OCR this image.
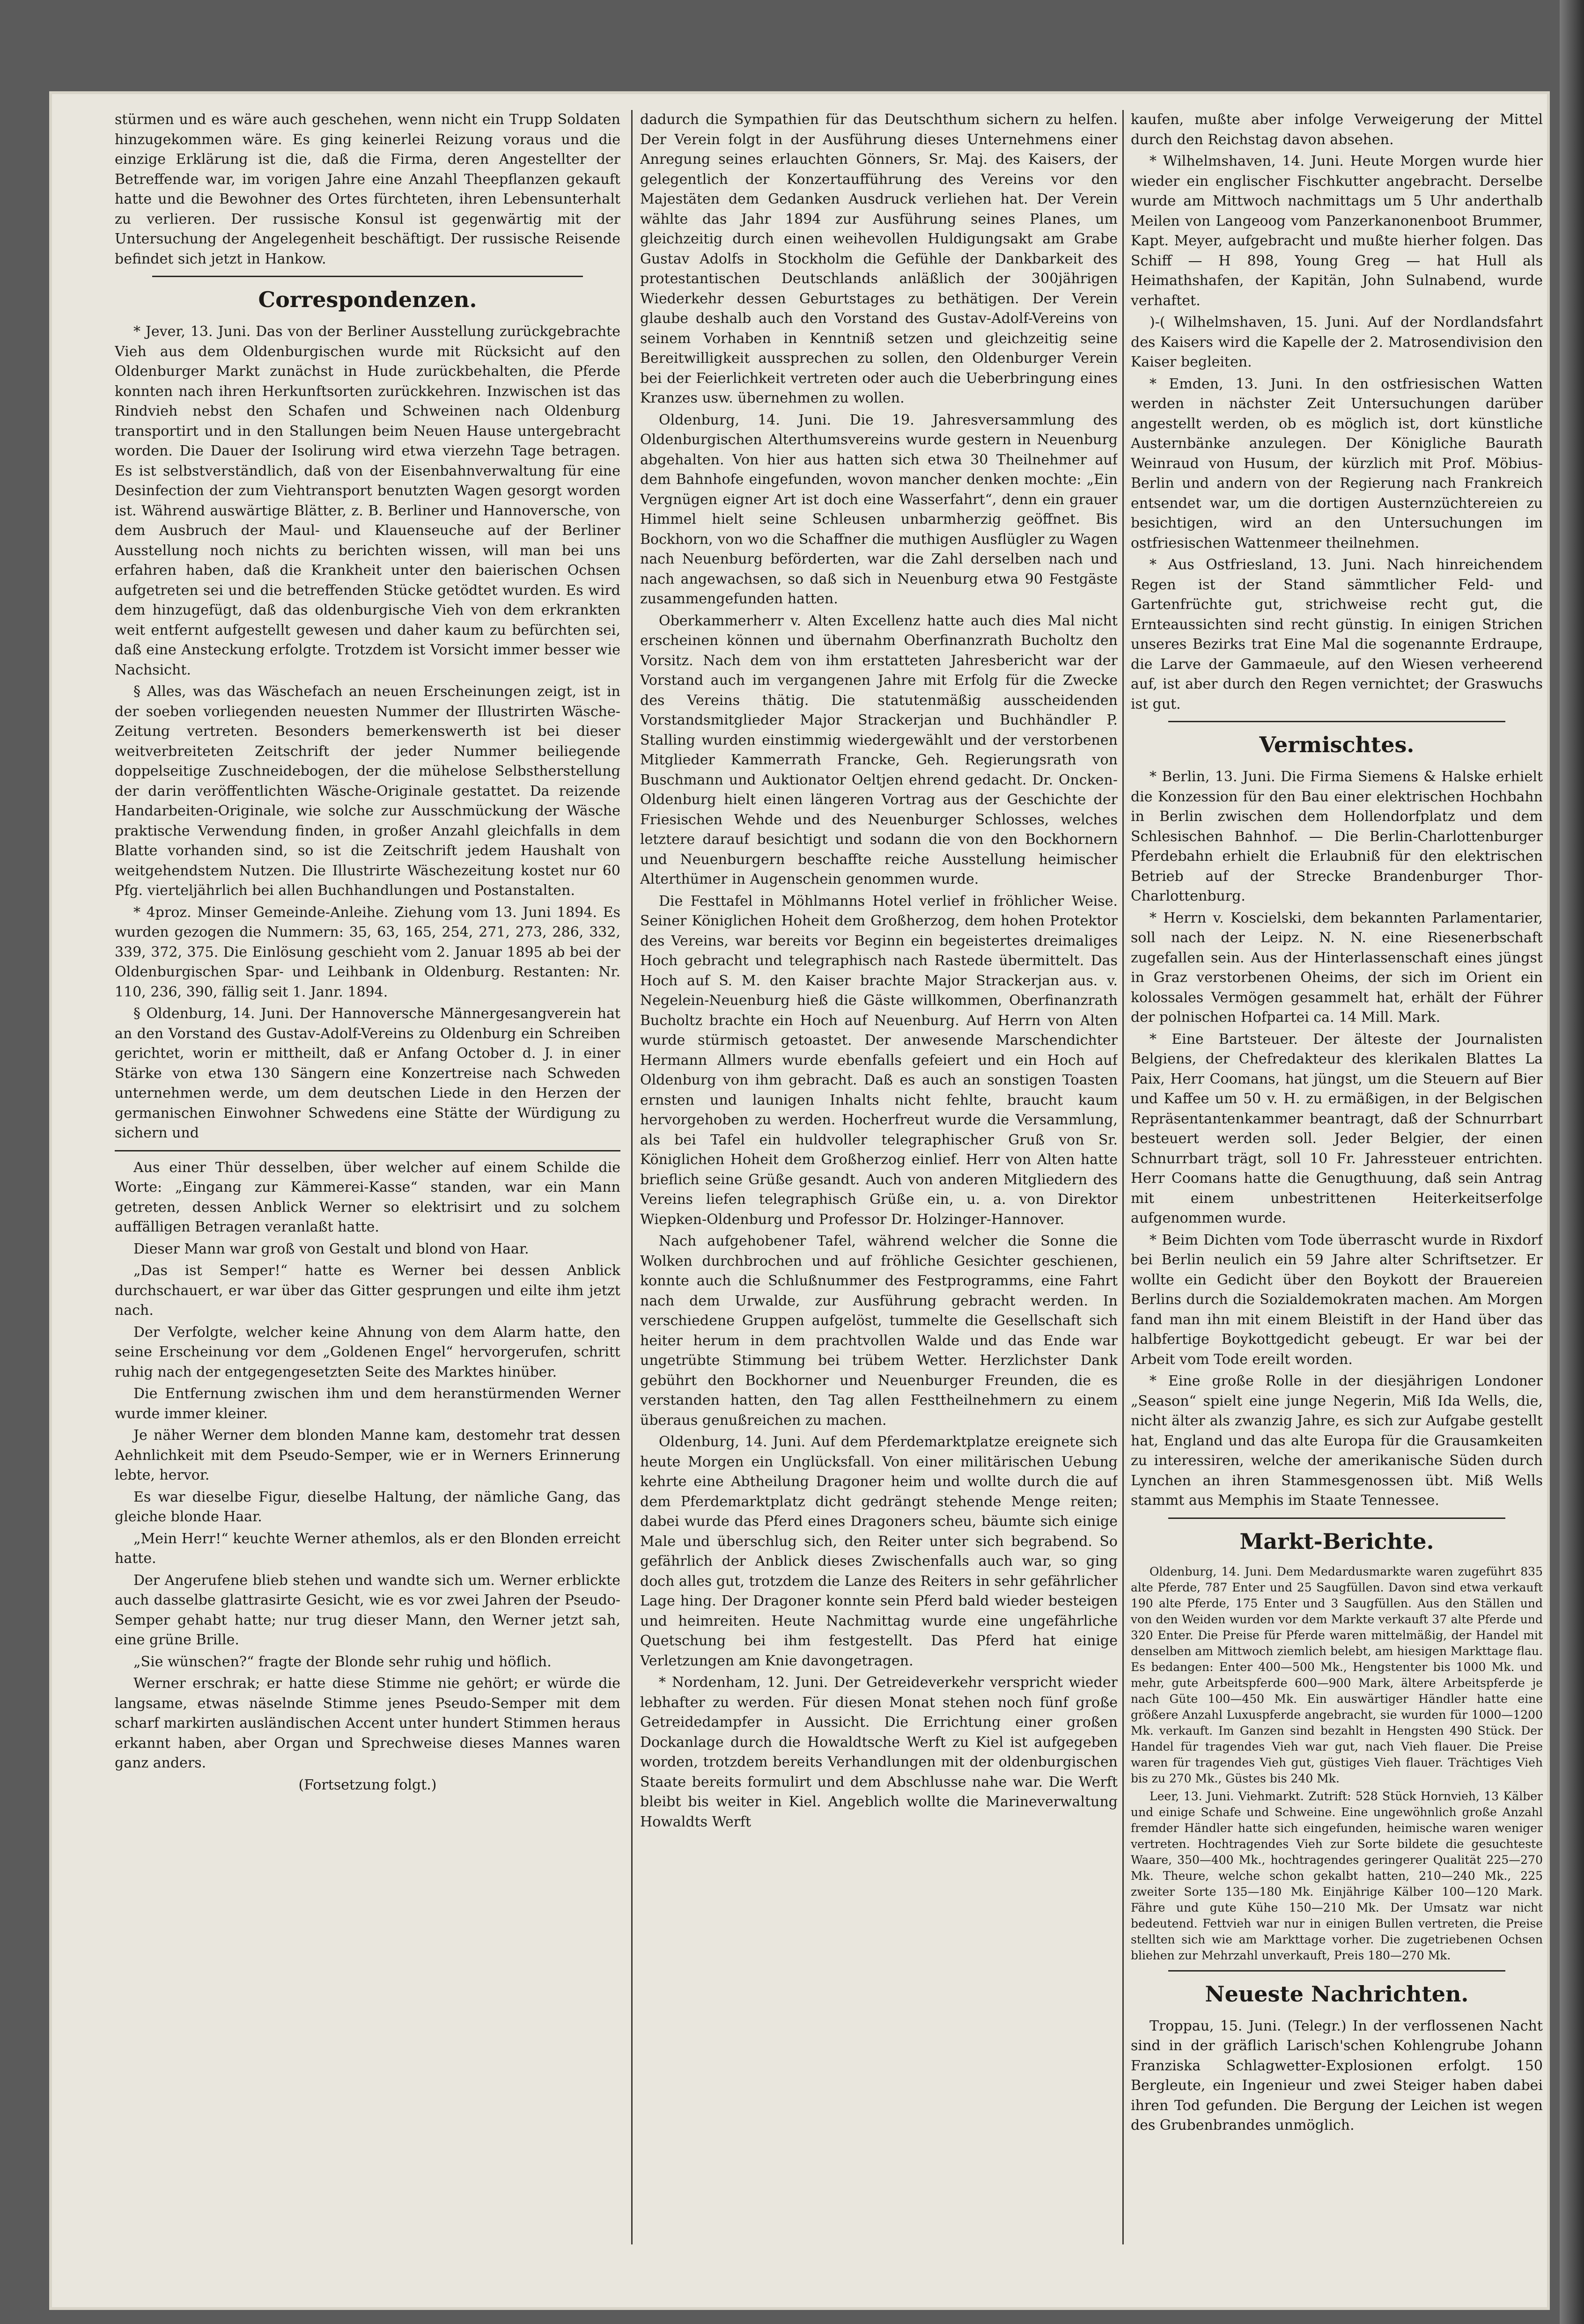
stürmen und es wäre auch geschehen, wenn nicht ein Trupp Soldaten hinzugekommen wäre. Es ging keinerlei Reizung voraus und die einzige Erklärung ist die, daß die Firma, deren Angestellter der Betreffende war, im vorigen Jahre eine Anzahl Theepflanzen gekauft hatte und die Bewohner des Ortes fürchteten, ihren Lebensunterhalt zu verlieren. Der russische Konsul ist gegenwärtig mit der Untersuchung der Angelegenheit beschäftigt. Der russische Reisende befindet sich jetzt in Hankow.

Correspondenzen.

* Jever, 13. Juni. Das von der Berliner Ausstellung zurückgebrachte Vieh aus dem Oldenburgischen wurde mit Rücksicht auf den Oldenburger Markt zunächst in Hude zurückbehalten, die Pferde konnten nach ihren Herkunftsorten zurückkehren. Inzwischen ist das Rindvieh nebst den Schafen und Schweinen nach Oldenburg transportirt und in den Stallungen beim Neuen Hause untergebracht worden. Die Dauer der Isolirung wird etwa vierzehn Tage betragen. Es ist selbstverständlich, daß von der Eisenbahnverwaltung für eine Desinfection der zum Viehtransport benutzten Wagen gesorgt worden ist. Während auswärtige Blätter, z. B. Berliner und Hannoversche, von dem Ausbruch der Maul- und Klauenseuche auf der Berliner Ausstellung noch nichts zu berichten wissen, will man bei uns erfahren haben, daß die Krankheit unter den baierischen Ochsen aufgetreten sei und die betreffenden Stücke getödtet wurden. Es wird dem hinzugefügt, daß das oldenburgische Vieh von dem erkrankten weit entfernt aufgestellt gewesen und daher kaum zu befürchten sei, daß eine Ansteckung erfolgte. Trotzdem ist Vorsicht immer besser wie Nachsicht.

§ Alles, was das Wäschefach an neuen Erscheinungen zeigt, ist in der soeben vorliegenden neuesten Nummer der Illustrirten Wäsche-Zeitung vertreten. Besonders bemerkenswerth ist bei dieser weitverbreiteten Zeitschrift der jeder Nummer beiliegende doppelseitige Zuschneidebogen, der die mühelose Selbstherstellung der darin veröffentlichten Wäsche-Originale gestattet. Da reizende Handarbeiten-Originale, wie solche zur Ausschmückung der Wäsche praktische Verwendung finden, in großer Anzahl gleichfalls in dem Blatte vorhanden sind, so ist die Zeitschrift jedem Haushalt von weitgehendstem Nutzen. Die Illustrirte Wäschezeitung kostet nur 60 Pfg. vierteljährlich bei allen Buchhandlungen und Postanstalten.

* 4proz. Minser Gemeinde-Anleihe. Ziehung vom 13. Juni 1894. Es wurden gezogen die Nummern: 35, 63, 165, 254, 271, 273, 286, 332, 339, 372, 375. Die Einlösung geschieht vom 2. Januar 1895 ab bei der Oldenburgischen Spar- und Leihbank in Oldenburg. Restanten: Nr. 110, 236, 390, fällig seit 1. Janr. 1894.

§ Oldenburg, 14. Juni. Der Hannoversche Männergesangverein hat an den Vorstand des Gustav-Adolf-Vereins zu Oldenburg ein Schreiben gerichtet, worin er mittheilt, daß er Anfang October d. J. in einer Stärke von etwa 130 Sängern eine Konzertreise nach Schweden unternehmen werde, um dem deutschen Liede in den Herzen der germanischen Einwohner Schwedens eine Stätte der Würdigung zu sichern und

Aus einer Thür desselben, über welcher auf einem Schilde die Worte: „Eingang zur Kämmerei-Kasse“ standen, war ein Mann getreten, dessen Anblick Werner so elektrisirt und zu solchem auffälligen Betragen veranlaßt hatte.

Dieser Mann war groß von Gestalt und blond von Haar.

„Das ist Semper!“ hatte es Werner bei dessen Anblick durchschauert, er war über das Gitter gesprungen und eilte ihm jetzt nach.

Der Verfolgte, welcher keine Ahnung von dem Alarm hatte, den seine Erscheinung vor dem „Goldenen Engel“ hervorgerufen, schritt ruhig nach der entgegengesetzten Seite des Marktes hinüber.

Die Entfernung zwischen ihm und dem heranstürmenden Werner wurde immer kleiner.

Je näher Werner dem blonden Manne kam, destomehr trat dessen Aehnlichkeit mit dem Pseudo-Semper, wie er in Werners Erinnerung lebte, hervor.

Es war dieselbe Figur, dieselbe Haltung, der nämliche Gang, das gleiche blonde Haar.

„Mein Herr!“ keuchte Werner athemlos, als er den Blonden erreicht hatte.

Der Angerufene blieb stehen und wandte sich um. Werner erblickte auch dasselbe glattrasirte Gesicht, wie es vor zwei Jahren der Pseudo-Semper gehabt hatte; nur trug dieser Mann, den Werner jetzt sah, eine grüne Brille.

„Sie wünschen?“ fragte der Blonde sehr ruhig und höflich.

Werner erschrak; er hatte diese Stimme nie gehört; er würde die langsame, etwas näselnde Stimme jenes Pseudo-Semper mit dem scharf markirten ausländischen Accent unter hundert Stimmen heraus erkannt haben, aber Organ und Sprechweise dieses Mannes waren ganz anders.

(Fortsetzung folgt.)

dadurch die Sympathien für das Deutschthum sichern zu helfen. Der Verein folgt in der Ausführung dieses Unternehmens einer Anregung seines erlauchten Gönners, Sr. Maj. des Kaisers, der gelegentlich der Konzertaufführung des Vereins vor den Majestäten dem Gedanken Ausdruck verliehen hat. Der Verein wählte das Jahr 1894 zur Ausführung seines Planes, um gleichzeitig durch einen weihevollen Huldigungsakt am Grabe Gustav Adolfs in Stockholm die Gefühle der Dankbarkeit des protestantischen Deutschlands anläßlich der 300jährigen Wiederkehr dessen Geburtstages zu bethätigen. Der Verein glaube deshalb auch den Vorstand des Gustav-Adolf-Vereins von seinem Vorhaben in Kenntniß setzen und gleichzeitig seine Bereitwilligkeit aussprechen zu sollen, den Oldenburger Verein bei der Feierlichkeit vertreten oder auch die Ueberbringung eines Kranzes usw. übernehmen zu wollen.

Oldenburg, 14. Juni. Die 19. Jahresversammlung des Oldenburgischen Alterthumsvereins wurde gestern in Neuenburg abgehalten. Von hier aus hatten sich etwa 30 Theilnehmer auf dem Bahnhofe eingefunden, wovon mancher denken mochte: „Ein Vergnügen eigner Art ist doch eine Wasserfahrt“, denn ein grauer Himmel hielt seine Schleusen unbarmherzig geöffnet. Bis Bockhorn, von wo die Schaffner die muthigen Ausflügler zu Wagen nach Neuenburg beförderten, war die Zahl derselben nach und nach angewachsen, so daß sich in Neuenburg etwa 90 Festgäste zusammengefunden hatten.

Oberkammerherr v. Alten Excellenz hatte auch dies Mal nicht erscheinen können und übernahm Oberfinanzrath Bucholtz den Vorsitz. Nach dem von ihm erstatteten Jahresbericht war der Vorstand auch im vergangenen Jahre mit Erfolg für die Zwecke des Vereins thätig. Die statutenmäßig ausscheidenden Vorstandsmitglieder Major Strackerjan und Buchhändler P. Stalling wurden einstimmig wiedergewählt und der verstorbenen Mitglieder Kammerrath Francke, Geh. Regierungsrath von Buschmann und Auktionator Oeltjen ehrend gedacht. Dr. Oncken-Oldenburg hielt einen längeren Vortrag aus der Geschichte der Friesischen Wehde und des Neuenburger Schlosses, welches letztere darauf besichtigt und sodann die von den Bockhornern und Neuenburgern beschaffte reiche Ausstellung heimischer Alterthümer in Augenschein genommen wurde.

Die Festtafel in Möhlmanns Hotel verlief in fröhlicher Weise. Seiner Königlichen Hoheit dem Großherzog, dem hohen Protektor des Vereins, war bereits vor Beginn ein begeistertes dreimaliges Hoch gebracht und telegraphisch nach Rastede übermittelt. Das Hoch auf S. M. den Kaiser brachte Major Strackerjan aus. v. Negelein-Neuenburg hieß die Gäste willkommen, Oberfinanzrath Bucholtz brachte ein Hoch auf Neuenburg. Auf Herrn von Alten wurde stürmisch getoastet. Der anwesende Marschendichter Hermann Allmers wurde ebenfalls gefeiert und ein Hoch auf Oldenburg von ihm gebracht. Daß es auch an sonstigen Toasten ernsten und launigen Inhalts nicht fehlte, braucht kaum hervorgehoben zu werden. Hocherfreut wurde die Versammlung, als bei Tafel ein huldvoller telegraphischer Gruß von Sr. Königlichen Hoheit dem Großherzog einlief. Herr von Alten hatte brieflich seine Grüße gesandt. Auch von anderen Mitgliedern des Vereins liefen telegraphisch Grüße ein, u. a. von Direktor Wiepken-Oldenburg und Professor Dr. Holzinger-Hannover.

Nach aufgehobener Tafel, während welcher die Sonne die Wolken durchbrochen und auf fröhliche Gesichter geschienen, konnte auch die Schlußnummer des Festprogramms, eine Fahrt nach dem Urwalde, zur Ausführung gebracht werden. In verschiedene Gruppen aufgelöst, tummelte die Gesellschaft sich heiter herum in dem prachtvollen Walde und das Ende war ungetrübte Stimmung bei trübem Wetter. Herzlichster Dank gebührt den Bockhorner und Neuenburger Freunden, die es verstanden hatten, den Tag allen Festtheilnehmern zu einem überaus genußreichen zu machen.

Oldenburg, 14. Juni. Auf dem Pferdemarktplatze ereignete sich heute Morgen ein Unglücksfall. Von einer militärischen Uebung kehrte eine Abtheilung Dragoner heim und wollte durch die auf dem Pferdemarktplatz dicht gedrängt stehende Menge reiten; dabei wurde das Pferd eines Dragoners scheu, bäumte sich einige Male und überschlug sich, den Reiter unter sich begrabend. So gefährlich der Anblick dieses Zwischenfalls auch war, so ging doch alles gut, trotzdem die Lanze des Reiters in sehr gefährlicher Lage hing. Der Dragoner konnte sein Pferd bald wieder besteigen und heimreiten. Heute Nachmittag wurde eine ungefährliche Quetschung bei ihm festgestellt. Das Pferd hat einige Verletzungen am Knie davongetragen.

* Nordenham, 12. Juni. Der Getreideverkehr verspricht wieder lebhafter zu werden. Für diesen Monat stehen noch fünf große Getreidedampfer in Aussicht. Die Errichtung einer großen Dockanlage durch die Howaldtsche Werft zu Kiel ist aufgegeben worden, trotzdem bereits Verhandlungen mit der oldenburgischen Staate bereits formulirt und dem Abschlusse nahe war. Die Werft bleibt bis weiter in Kiel. Angeblich wollte die Marineverwaltung Howaldts Werft

kaufen, mußte aber infolge Verweigerung der Mittel durch den Reichstag davon absehen.

* Wilhelmshaven, 14. Juni. Heute Morgen wurde hier wieder ein englischer Fischkutter angebracht. Derselbe wurde am Mittwoch nachmittags um 5 Uhr anderthalb Meilen von Langeoog vom Panzerkanonenboot Brummer, Kapt. Meyer, aufgebracht und mußte hierher folgen. Das Schiff — H 898, Young Greg — hat Hull als Heimathshafen, der Kapitän, John Sulnabend, wurde verhaftet.

)-( Wilhelmshaven, 15. Juni. Auf der Nordlandsfahrt des Kaisers wird die Kapelle der 2. Matrosendivision den Kaiser begleiten.

* Emden, 13. Juni. In den ostfriesischen Watten werden in nächster Zeit Untersuchungen darüber angestellt werden, ob es möglich ist, dort künstliche Austernbänke anzulegen. Der Königliche Baurath Weinraud von Husum, der kürzlich mit Prof. Möbius-Berlin und andern von der Regierung nach Frankreich entsendet war, um die dortigen Austernzüchtereien zu besichtigen, wird an den Untersuchungen im ostfriesischen Wattenmeer theilnehmen.

* Aus Ostfriesland, 13. Juni. Nach hinreichendem Regen ist der Stand sämmtlicher Feld- und Gartenfrüchte gut, strichweise recht gut, die Ernteaussichten sind recht günstig. In einigen Strichen unseres Bezirks trat Eine Mal die sogenannte Erdraupe, die Larve der Gammaeule, auf den Wiesen verheerend auf, ist aber durch den Regen vernichtet; der Graswuchs ist gut.

Vermischtes.

* Berlin, 13. Juni. Die Firma Siemens & Halske erhielt die Konzession für den Bau einer elektrischen Hochbahn in Berlin zwischen dem Hollendorfplatz und dem Schlesischen Bahnhof. — Die Berlin-Charlottenburger Pferdebahn erhielt die Erlaubniß für den elektrischen Betrieb auf der Strecke Brandenburger Thor-Charlottenburg.

* Herrn v. Koscielski, dem bekannten Parlamentarier, soll nach der Leipz. N. N. eine Riesenerbschaft zugefallen sein. Aus der Hinterlassenschaft eines jüngst in Graz verstorbenen Oheims, der sich im Orient ein kolossales Vermögen gesammelt hat, erhält der Führer der polnischen Hofpartei ca. 14 Mill. Mark.

* Eine Bartsteuer. Der älteste der Journalisten Belgiens, der Chefredakteur des klerikalen Blattes La Paix, Herr Coomans, hat jüngst, um die Steuern auf Bier und Kaffee um 50 v. H. zu ermäßigen, in der Belgischen Repräsentantenkammer beantragt, daß der Schnurrbart besteuert werden soll. Jeder Belgier, der einen Schnurrbart trägt, soll 10 Fr. Jahressteuer entrichten. Herr Coomans hatte die Genugthuung, daß sein Antrag mit einem unbestrittenen Heiterkeitserfolge aufgenommen wurde.

* Beim Dichten vom Tode überrascht wurde in Rixdorf bei Berlin neulich ein 59 Jahre alter Schriftsetzer. Er wollte ein Gedicht über den Boykott der Brauereien Berlins durch die Sozialdemokraten machen. Am Morgen fand man ihn mit einem Bleistift in der Hand über das halbfertige Boykottgedicht gebeugt. Er war bei der Arbeit vom Tode ereilt worden.

* Eine große Rolle in der diesjährigen Londoner „Season“ spielt eine junge Negerin, Miß Ida Wells, die, nicht älter als zwanzig Jahre, es sich zur Aufgabe gestellt hat, England und das alte Europa für die Grausamkeiten zu interessiren, welche der amerikanische Süden durch Lynchen an ihren Stammesgenossen übt. Miß Wells stammt aus Memphis im Staate Tennessee.

Markt-Berichte.

Oldenburg, 14. Juni. Dem Medardusmarkte waren zugeführt 835 alte Pferde, 787 Enter und 25 Saugfüllen. Davon sind etwa verkauft 190 alte Pferde, 175 Enter und 3 Saugfüllen. Aus den Ställen und von den Weiden wurden vor dem Markte verkauft 37 alte Pferde und 320 Enter. Die Preise für Pferde waren mittelmäßig, der Handel mit denselben am Mittwoch ziemlich belebt, am hiesigen Markttage flau. Es bedangen: Enter 400—500 Mk., Hengstenter bis 1000 Mk. und mehr, gute Arbeitspferde 600—900 Mark, ältere Arbeitspferde je nach Güte 100—450 Mk. Ein auswärtiger Händler hatte eine größere Anzahl Luxuspferde angebracht, sie wurden für 1000—1200 Mk. verkauft. Im Ganzen sind bezahlt in Hengsten 490 Stück. Der Handel für tragendes Vieh war gut, nach Vieh flauer. Die Preise waren für tragendes Vieh gut, güstiges Vieh flauer. Trächtiges Vieh bis zu 270 Mk., Güstes bis 240 Mk.

Leer, 13. Juni. Viehmarkt. Zutrift: 528 Stück Hornvieh, 13 Kälber und einige Schafe und Schweine. Eine ungewöhnlich große Anzahl fremder Händler hatte sich eingefunden, heimische waren weniger vertreten. Hochtragendes Vieh zur Sorte bildete die gesuchteste Waare, 350—400 Mk., hochtragendes geringerer Qualität 225—270 Mk. Theure, welche schon gekalbt hatten, 210—240 Mk., 225 zweiter Sorte 135—180 Mk. Einjährige Kälber 100—120 Mark. Fähre und gute Kühe 150—210 Mk. Der Umsatz war nicht bedeutend. Fettvieh war nur in einigen Bullen vertreten, die Preise stellten sich wie am Markttage vorher. Die zugetriebenen Ochsen bliehen zur Mehrzahl unverkauft, Preis 180—270 Mk.

Neueste Nachrichten.

Troppau, 15. Juni. (Telegr.) In der verflossenen Nacht sind in der gräflich Larisch'schen Kohlengrube Johann Franziska Schlagwetter-Explosionen erfolgt. 150 Bergleute, ein Ingenieur und zwei Steiger haben dabei ihren Tod gefunden. Die Bergung der Leichen ist wegen des Grubenbrandes unmöglich.
